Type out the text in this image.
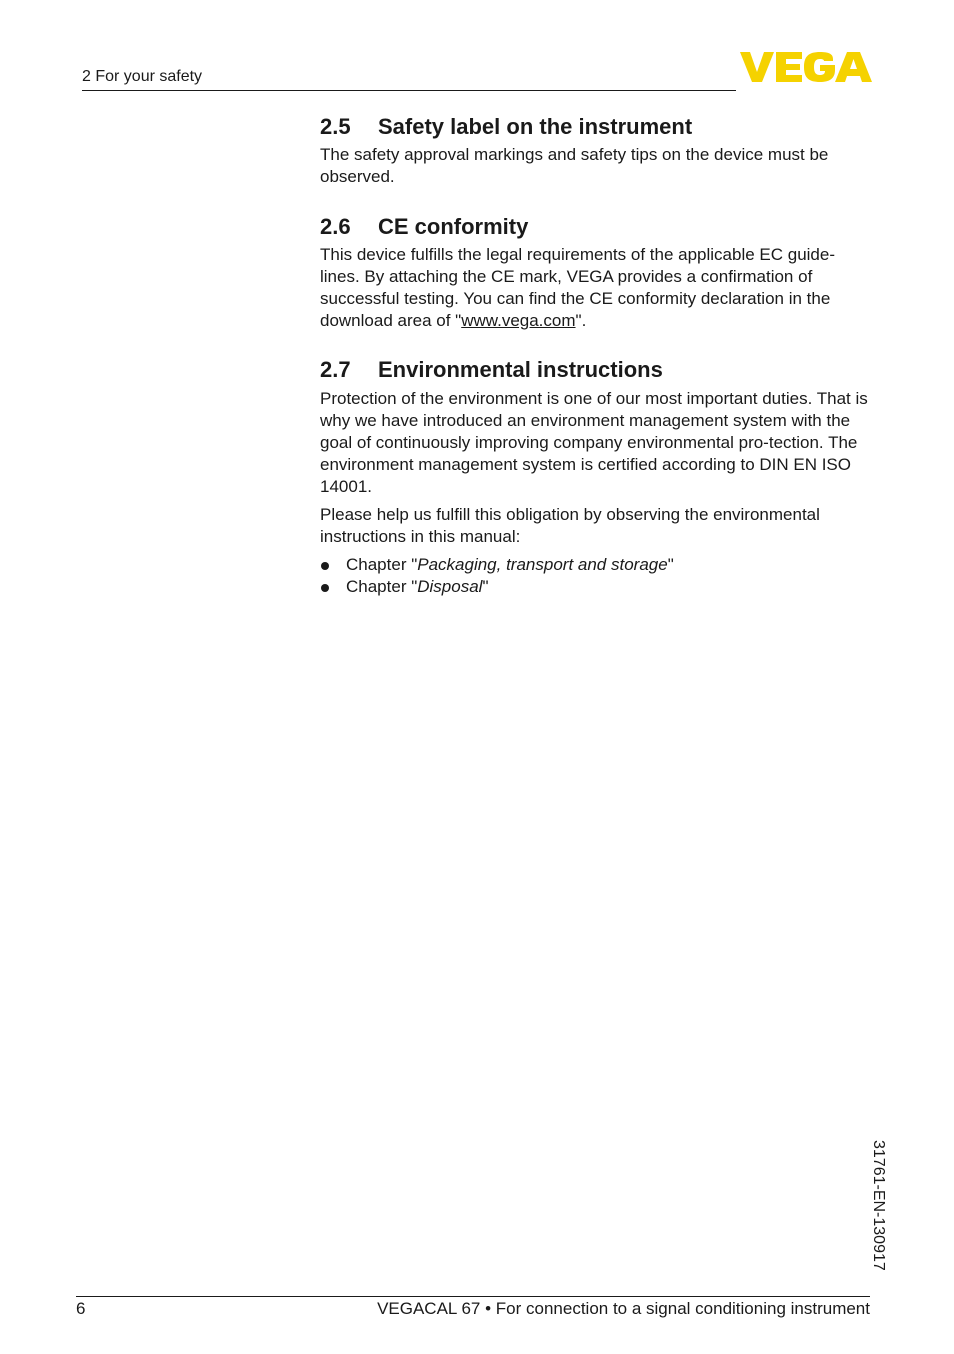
2 For your safety
2.5 Safety label on the instrument

The safety approval markings and safety tips on the device must be observed.

2.6 CE conformity

This device fulfills the legal requirements of the applicable EC guide-lines. By attaching the CE mark, VEGA provides a confirmation of successful testing. You can find the CE conformity declaration in the download area of "www.vega.com".

2.7 Environmental instructions

Protection of the environment is one of our most important duties. That is why we have introduced an environment management system with the goal of continuously improving company environmental pro-tection. The environment management system is certified according to DIN EN ISO 14001.

Please help us fulfill this obligation by observing the environmental instructions in this manual:

Chapter "Packaging, transport and storage"
Chapter "Disposal"
31761-EN-130917
6	VEGACAL 67 • For connection to a signal conditioning instrument
